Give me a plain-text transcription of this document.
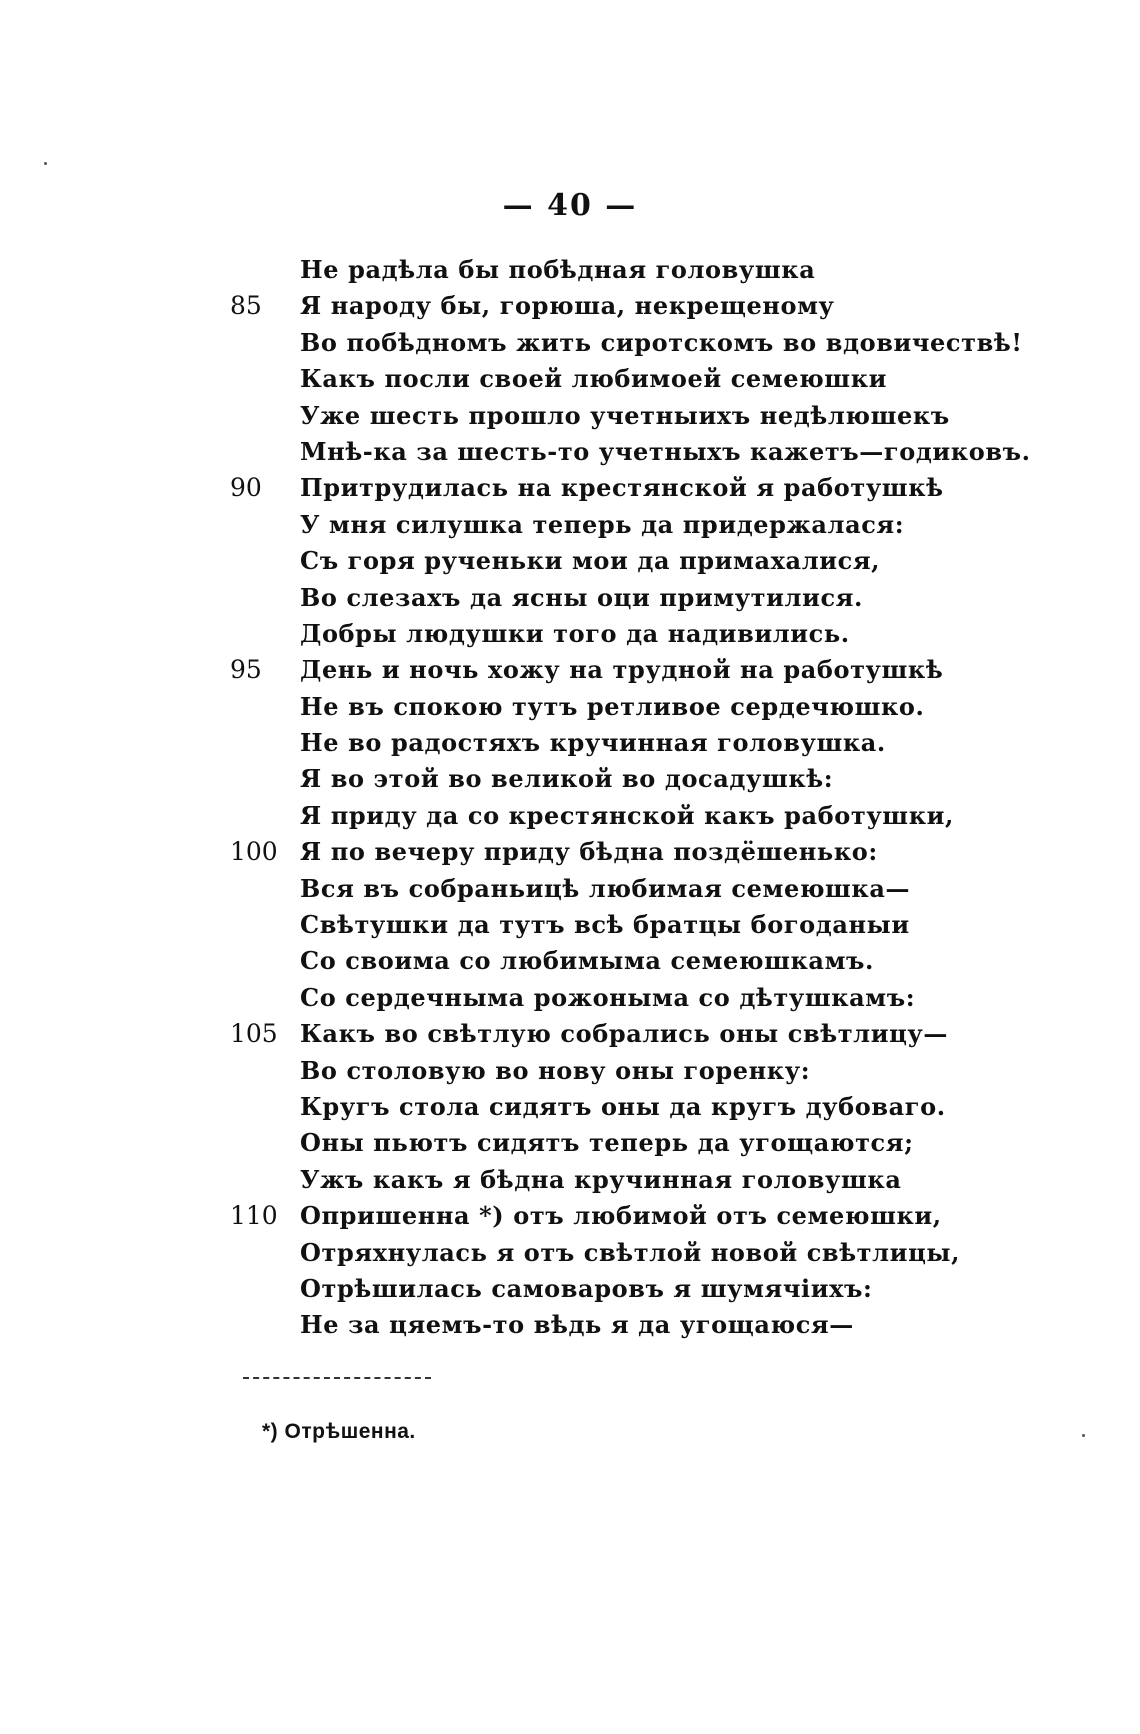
— 40 —
Не радѣла бы побѣдная головушка
85	Я народу бы, горюша, некрещеному
Во побѣдномъ жить сиротскомъ во вдовичествѣ!
Какъ посли своей любимоей семеюшки
Уже шесть прошло учетныихъ недѣлюшекъ
Мнѣ-ка за шесть-то учетныхъ кажетъ—годиковъ.
90	Притрудилась на крестянской я работушкѣ
У мня силушка теперь да придержалася:
Съ горя рученьки мои да примахалися,
Во слезахъ да ясны оци примутилися.
Добры людушки того да надивились.
95	День и ночь хожу на трудной на работушкѣ
Не въ спокою тутъ ретливое сердечюшко.
Не во радостяхъ кручинная головушка.
Я во этой во великой во досадушкѣ:
Я приду да со крестянской какъ работушки,
100 Я по вечеру приду бѣдна поздёшенько:
Вся въ собраньицѣ любимая семеюшка—
Свѣтушки да тутъ всѣ братцы богоданыи
Со своима со любимыма семеюшкамъ.
Со сердечныма рожоныма со дѣтушкамъ:
105 Какъ во свѣтлую собрались оны свѣтлицу—
Во столовую во нову оны горенку:
Кругъ стола сидятъ оны да кругъ дубоваго.
Оны пьютъ сидятъ теперь да угощаются;
Ужъ какъ я бѣдна кручинная головушка
110 Опришенна *) отъ любимой отъ семеюшки,
Отряхнулась я отъ свѣтлой новой свѣтлицы,
Отрѣшилась самоваровъ я шумячіихъ:
Не за цяемъ-то вѣдь я да угощаюся—
*) Отрѣшенна.
